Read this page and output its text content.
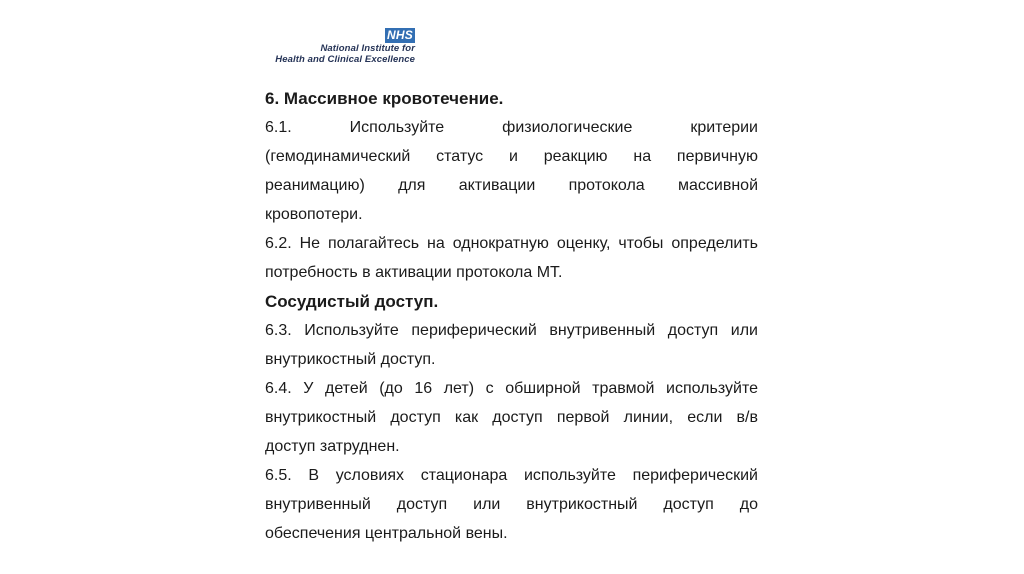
NHS
National Institute for
Health and Clinical Excellence
6. Массивное кровотечение.
6.1. Используйте физиологические критерии
(гемодинамический статус и реакцию на первичную
реанимацию) для активации протокола массивной
кровопотери.
6.2. Не полагайтесь на однократную оценку, чтобы определить
потребность в активации протокола МТ.
Сосудистый доступ.
6.3. Используйте периферический внутривенный доступ или
внутрикостный доступ.
6.4. У детей (до 16 лет) с обширной травмой используйте
внутрикостный доступ как доступ первой линии, если в/в
доступ затруднен.
6.5. В условиях стационара используйте периферический
внутривенный доступ или внутрикостный доступ до
обеспечения центральной вены.
